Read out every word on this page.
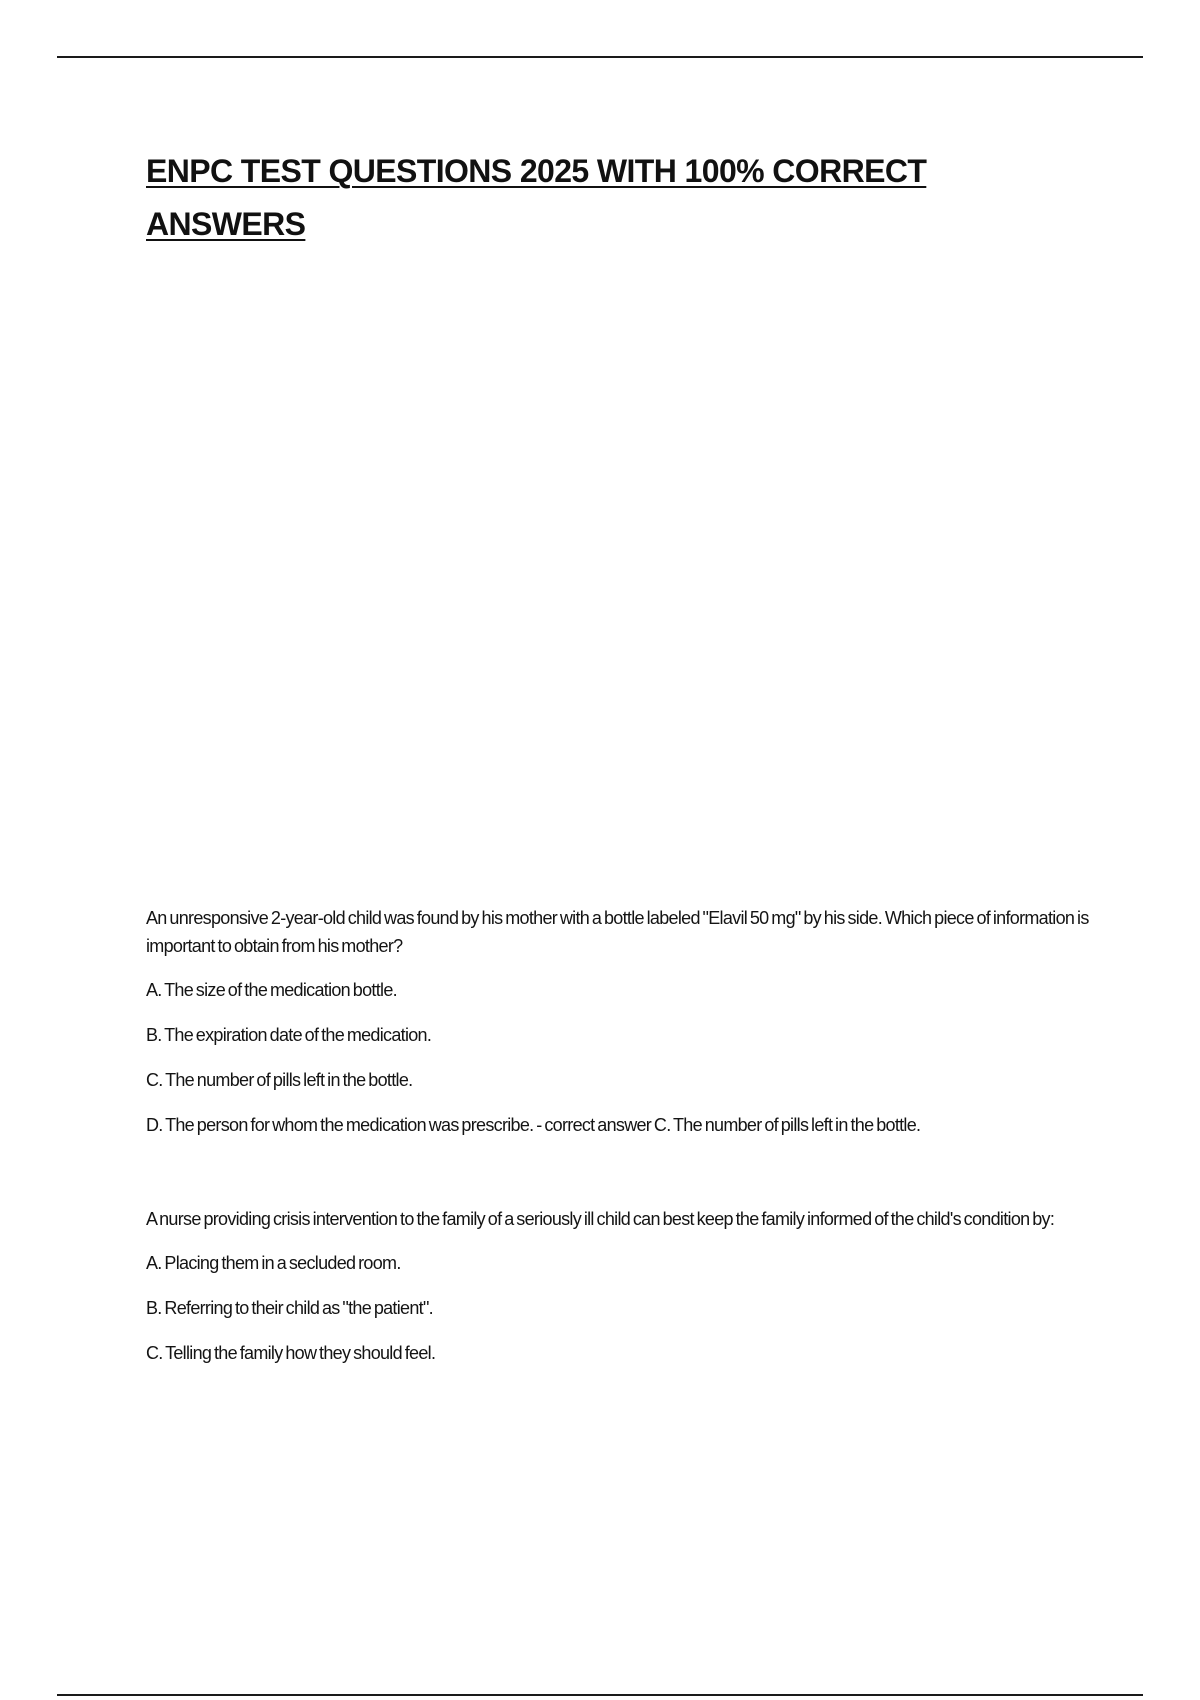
ENPC TEST QUESTIONS 2025 WITH 100% CORRECT ANSWERS

An unresponsive 2-year-old child was found by his mother with a bottle labeled "Elavil 50 mg" by his side. Which piece of information is important to obtain from his mother?

A. The size of the medication bottle.
B. The expiration date of the medication.
C. The number of pills left in the bottle.
D. The person for whom the medication was prescribe. - correct answer C. The number of pills left in the bottle.

A nurse providing crisis intervention to the family of a seriously ill child can best keep the family informed of the child's condition by:

A. Placing them in a secluded room.
B. Referring to their child as "the patient".
C. Telling the family how they should feel.
